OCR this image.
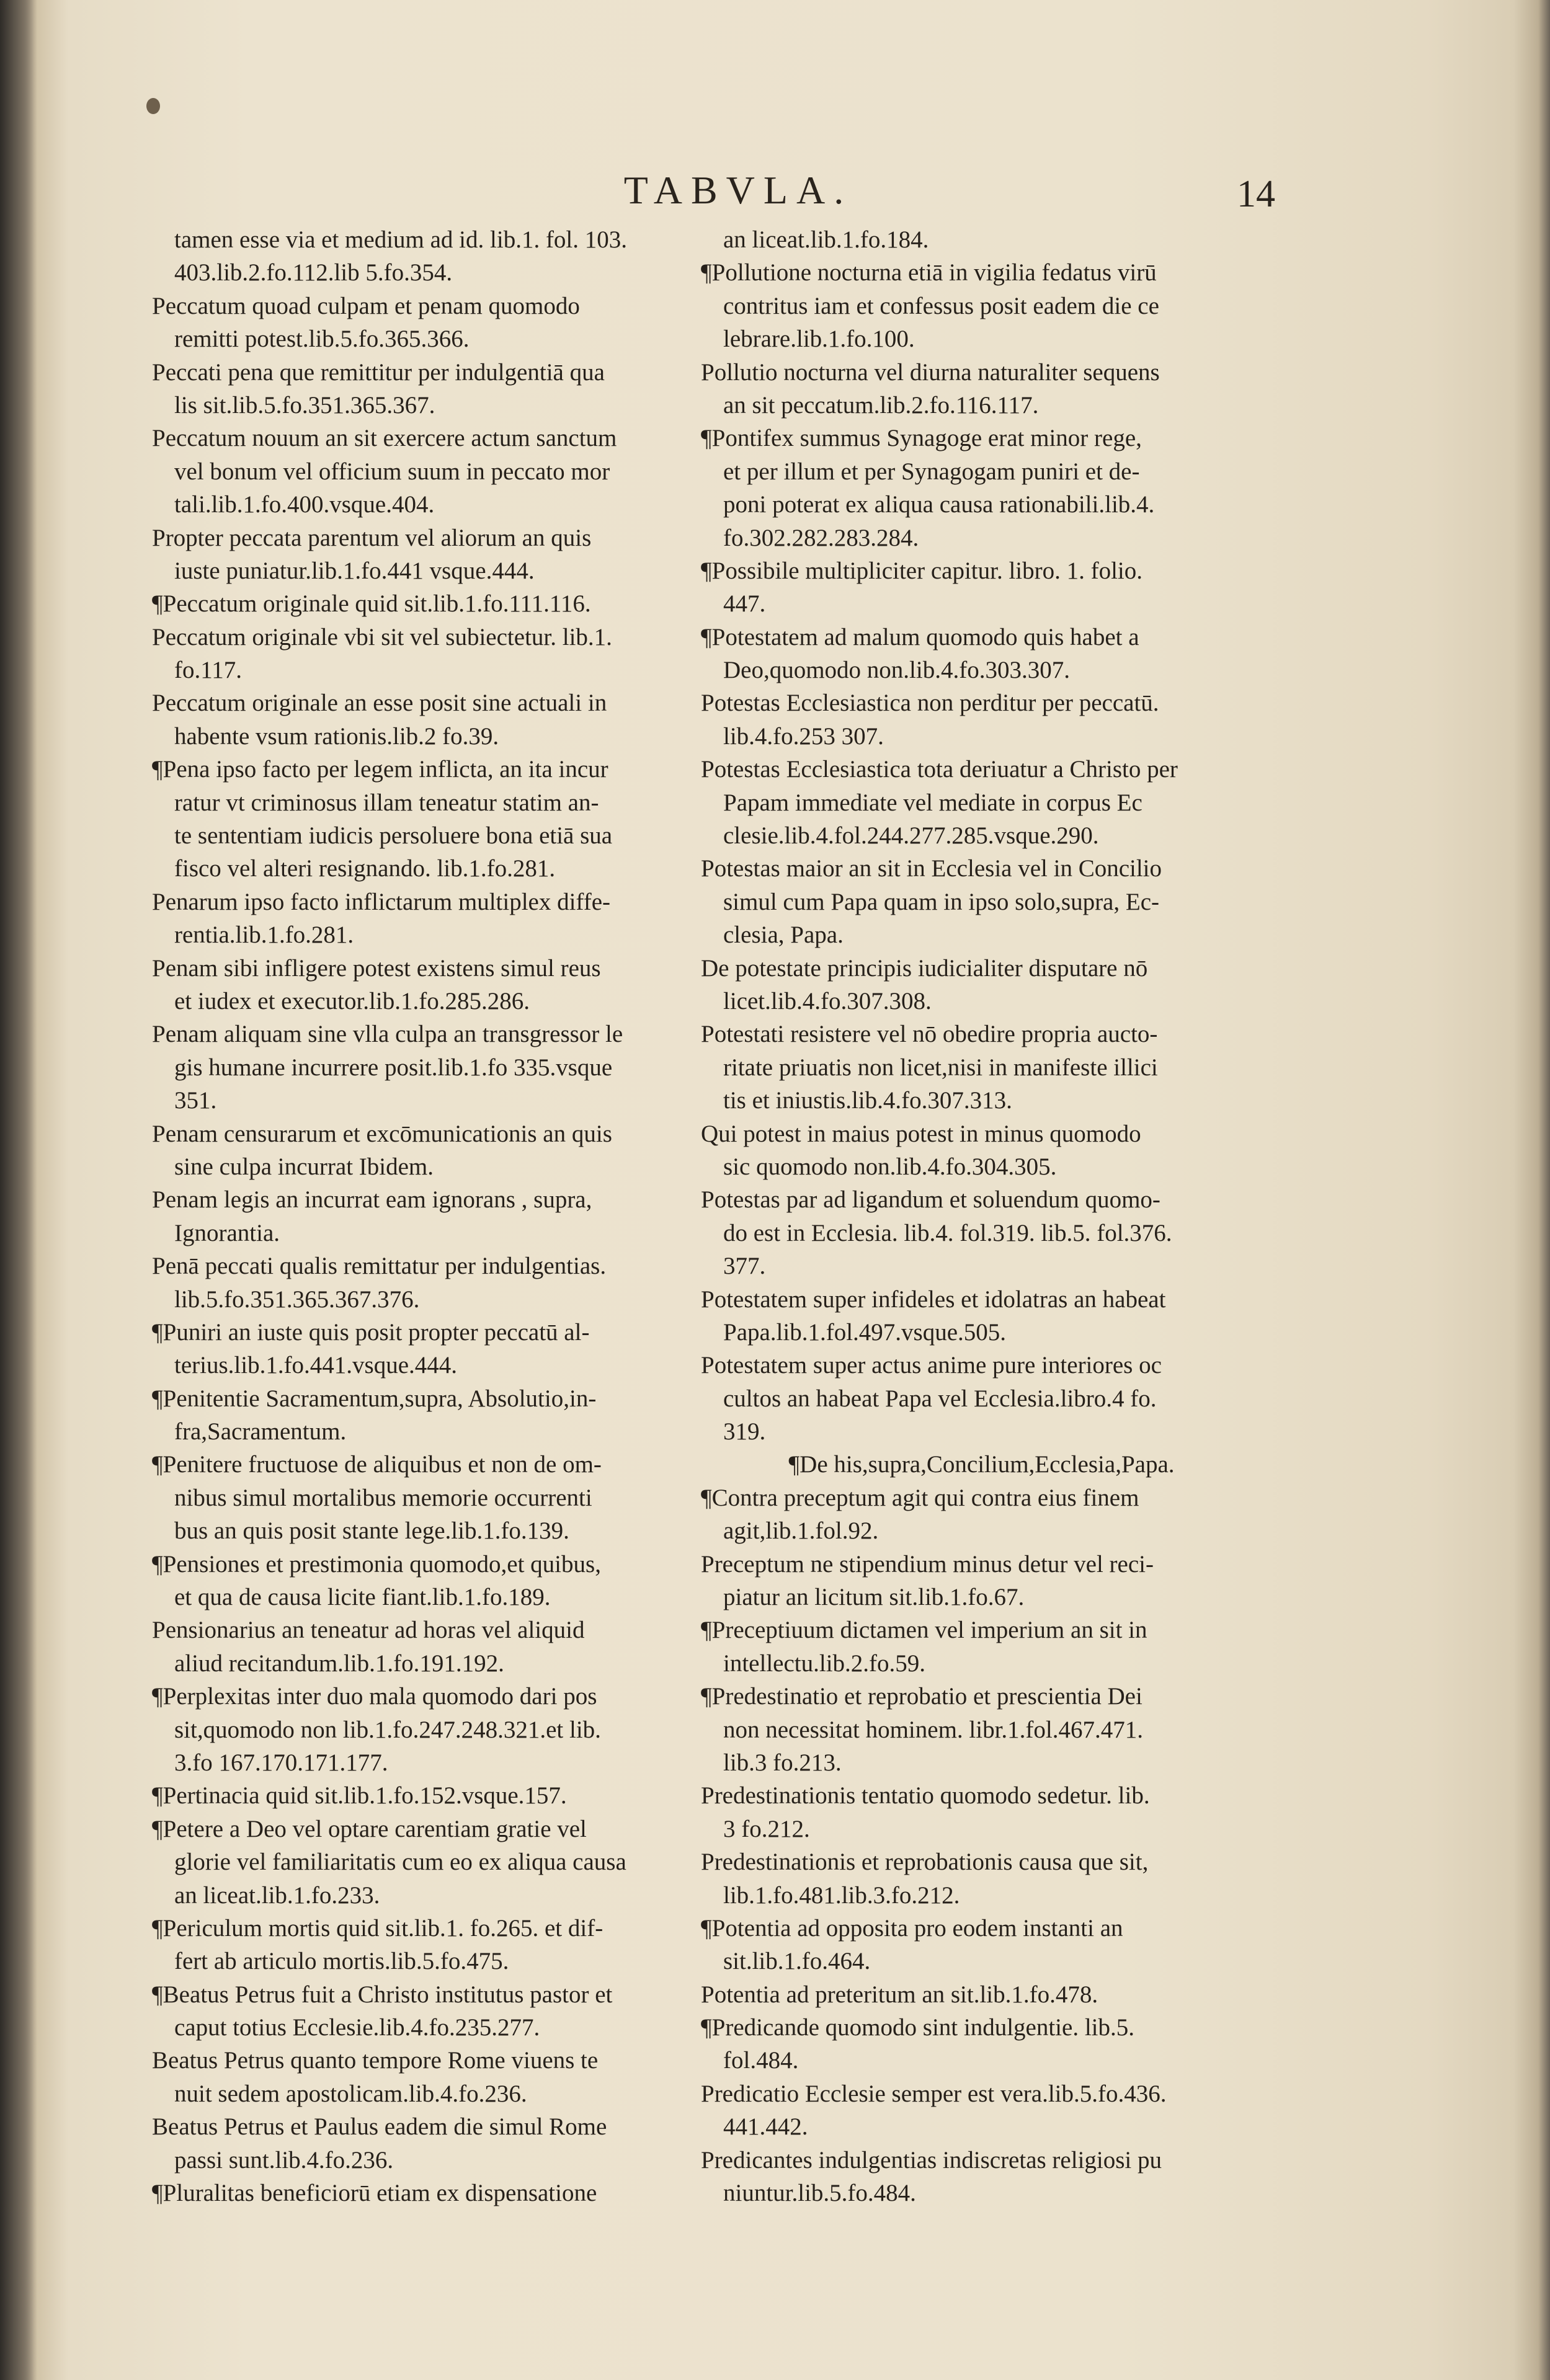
TABVLA.	14
tamen esse via et medium ad id. lib.1. fol. 103.
403.lib.2.fo.112.lib 5.fo.354.
Peccatum quoad culpam et penam quomodo
remitti potest.lib.5.fo.365.366.
Peccati pena que remittitur per indulgentiā qua
lis sit.lib.5.fo.351.365.367.
Peccatum nouum an sit exercere actum sanctum
vel bonum vel officium suum in peccato mor
tali.lib.1.fo.400.vsque.404.
Propter peccata parentum vel aliorum an quis
iuste puniatur.lib.1.fo.441 vsque.444.
¶Peccatum originale quid sit.lib.1.fo.111.116.
Peccatum originale vbi sit vel subiectetur. lib.1.
fo.117.
Peccatum originale an esse posit sine actuali in
habente vsum rationis.lib.2 fo.39.
¶Pena ipso facto per legem inflicta, an ita incur
ratur vt criminosus illam teneatur statim an-
te sententiam iudicis persoluere bona etiā sua
fisco vel alteri resignando. lib.1.fo.281.
Penarum ipso facto inflictarum multiplex diffe-
rentia.lib.1.fo.281.
Penam sibi infligere potest existens simul reus
et iudex et executor.lib.1.fo.285.286.
Penam aliquam sine vlla culpa an transgressor le
gis humane incurrere posit.lib.1.fo 335.vsque
351.
Penam censurarum et excōmunicationis an quis
sine culpa incurrat Ibidem.
Penam legis an incurrat eam ignorans , supra,
Ignorantia.
Penā peccati qualis remittatur per indulgentias.
lib.5.fo.351.365.367.376.
¶Puniri an iuste quis posit propter peccatū al-
terius.lib.1.fo.441.vsque.444.
¶Penitentie Sacramentum,supra, Absolutio,in-
fra,Sacramentum.
¶Penitere fructuose de aliquibus et non de om-
nibus simul mortalibus memorie occurrenti
bus an quis posit stante lege.lib.1.fo.139.
¶Pensiones et prestimonia quomodo,et quibus,
et qua de causa licite fiant.lib.1.fo.189.
Pensionarius an teneatur ad horas vel aliquid
aliud recitandum.lib.1.fo.191.192.
¶Perplexitas inter duo mala quomodo dari pos
sit,quomodo non lib.1.fo.247.248.321.et lib.
3.fo 167.170.171.177.
¶Pertinacia quid sit.lib.1.fo.152.vsque.157.
¶Petere a Deo vel optare carentiam gratie vel
glorie vel familiaritatis cum eo ex aliqua causa
an liceat.lib.1.fo.233.
¶Periculum mortis quid sit.lib.1. fo.265. et dif-
fert ab articulo mortis.lib.5.fo.475.
¶Beatus Petrus fuit a Christo institutus pastor et
caput totius Ecclesie.lib.4.fo.235.277.
Beatus Petrus quanto tempore Rome viuens te
nuit sedem apostolicam.lib.4.fo.236.
Beatus Petrus et Paulus eadem die simul Rome
passi sunt.lib.4.fo.236.
¶Pluralitas beneficiorū etiam ex dispensatione
an liceat.lib.1.fo.184.
¶Pollutione nocturna etiā in vigilia fedatus virū
contritus iam et confessus posit eadem die ce
lebrare.lib.1.fo.100.
Pollutio nocturna vel diurna naturaliter sequens
an sit peccatum.lib.2.fo.116.117.
¶Pontifex summus Synagoge erat minor rege,
et per illum et per Synagogam puniri et de-
poni poterat ex aliqua causa rationabili.lib.4.
fo.302.282.283.284.
¶Possibile multipliciter capitur. libro. 1. folio.
447.
¶Potestatem ad malum quomodo quis habet a
Deo,quomodo non.lib.4.fo.303.307.
Potestas Ecclesiastica non perditur per peccatū.
lib.4.fo.253 307.
Potestas Ecclesiastica tota deriuatur a Christo per
Papam immediate vel mediate in corpus Ec
clesie.lib.4.fol.244.277.285.vsque.290.
Potestas maior an sit in Ecclesia vel in Concilio
simul cum Papa quam in ipso solo,supra, Ec-
clesia, Papa.
De potestate principis iudicialiter disputare nō
licet.lib.4.fo.307.308.
Potestati resistere vel nō obedire propria aucto-
ritate priuatis non licet,nisi in manifeste illici
tis et iniustis.lib.4.fo.307.313.
Qui potest in maius potest in minus quomodo
sic quomodo non.lib.4.fo.304.305.
Potestas par ad ligandum et soluendum quomo-
do est in Ecclesia. lib.4. fol.319. lib.5. fol.376.
377.
Potestatem super infideles et idolatras an habeat
Papa.lib.1.fol.497.vsque.505.
Potestatem super actus anime pure interiores oc
cultos an habeat Papa vel Ecclesia.libro.4 fo.
319.
¶De his,supra,Concilium,Ecclesia,Papa.
¶Contra preceptum agit qui contra eius finem
agit,lib.1.fol.92.
Preceptum ne stipendium minus detur vel reci-
piatur an licitum sit.lib.1.fo.67.
¶Preceptiuum dictamen vel imperium an sit in
intellectu.lib.2.fo.59.
¶Predestinatio et reprobatio et prescientia Dei
non necessitat hominem. libr.1.fol.467.471.
lib.3 fo.213.
Predestinationis tentatio quomodo sedetur. lib.
3 fo.212.
Predestinationis et reprobationis causa que sit,
lib.1.fo.481.lib.3.fo.212.
¶Potentia ad opposita pro eodem instanti an
sit.lib.1.fo.464.
Potentia ad preteritum an sit.lib.1.fo.478.
¶Predicande quomodo sint indulgentie. lib.5.
fol.484.
Predicatio Ecclesie semper est vera.lib.5.fo.436.
441.442.
Predicantes indulgentias indiscretas religiosi pu
niuntur.lib.5.fo.484.
